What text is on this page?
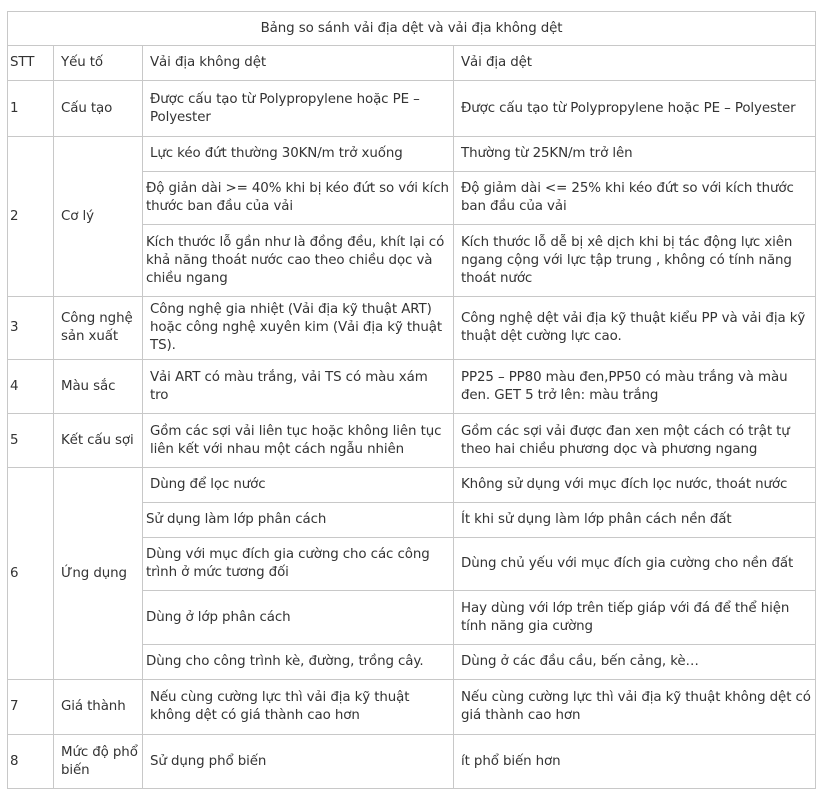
Bảng so sánh vải địa dệt và vải địa không dệt			
STT	Yếu tố	Vải địa không dệt	Vải địa dệt
1	Cấu tạo	Được cấu tạo từ Polypropylene hoặc PE – Polyester	Được cấu tạo từ Polypropylene hoặc PE – Polyester
2	Cơ lý	Lực kéo đứt thường 30KN/m trở xuống	Thường từ 25KN/m trở lên
		Độ giản dài >= 40% khi bị kéo đứt so với kích thước ban đầu của vải	Độ giảm dài <= 25% khi kéo đứt so với kích thước ban đầu của vải
		Kích thước lỗ gần như là đồng đều, khít lại có khả năng thoát nước cao theo chiều dọc và chiều ngang	Kích thước lỗ dễ bị xê dịch khi bị tác động lực xiên ngang cộng với lực tập trung , không có tính năng thoát nước
3	Công nghệ sản xuất	Công nghệ gia nhiệt (Vải địa kỹ thuật ART) hoặc công nghệ xuyên kim (Vải địa kỹ thuật TS).	Công nghệ dệt vải địa kỹ thuật kiểu PP và vải địa kỹ thuật dệt cường lực cao.
4	Màu sắc	Vải ART có màu trắng, vải TS có màu xám tro	PP25 – PP80 màu đen,PP50 có màu trắng và màu đen. GET 5 trở lên: màu trắng
5	Kết cấu sợi	Gồm các sợi vải liên tục hoặc không liên tục liên kết với nhau một cách ngẫu nhiên	Gồm các sợi vải được đan xen một cách có trật tự theo hai chiều phương dọc và phương ngang
6	Ứng dụng	Dùng để lọc nước	Không sử dụng với mục đích lọc nước, thoát nước
		Sử dụng làm lớp phân cách	Ít khi sử dụng làm lớp phân cách nền đất
		Dùng với mục đích gia cường cho các công trình ở mức tương đối	Dùng chủ yếu với mục đích gia cường cho nền đất
		Dùng ở lớp phân cách	Hay dùng với lớp trên tiếp giáp với đá để thể hiện tính năng gia cường
		Dùng cho công trình kè, đường, trồng cây.	Dùng ở các đầu cầu, bến cảng, kè…
7	Giá thành	Nếu cùng cường lực thì vải địa kỹ thuật không dệt có giá thành cao hơn	Nếu cùng cường lực thì vải địa kỹ thuật không dệt có giá thành cao hơn
8	Mức độ phổ biến	Sử dụng phổ biến	ít phổ biến hơn
